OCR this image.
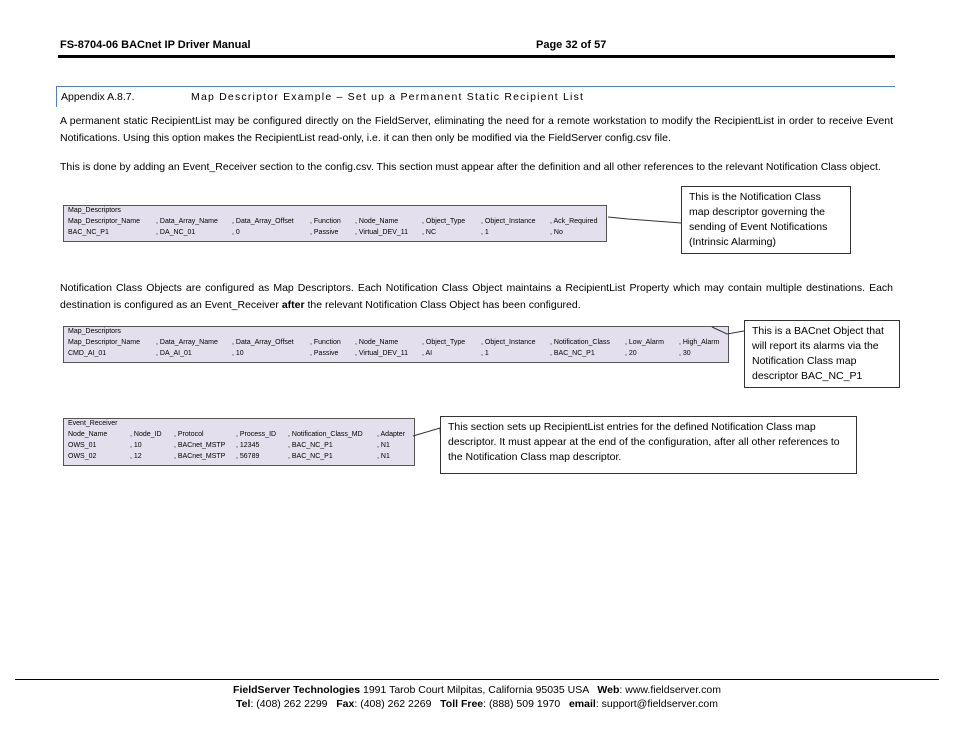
FS-8704-06 BACnet IP Driver Manual	Page 32 of 57
Appendix A.8.7.	Map Descriptor Example – Set up a Permanent Static Recipient List
A permanent static RecipientList may be configured directly on the FieldServer, eliminating the need for a remote workstation to modify the RecipientList in order to receive Event Notifications. Using this option makes the RecipientList read-only, i.e. it can then only be modified via the FieldServer config.csv file.
This is done by adding an Event_Receiver section to the config.csv. This section must appear after the definition and all other references to the relevant Notification Class object.
Notification Class Objects are configured as Map Descriptors. Each Notification Class Object maintains a RecipientList Property which may contain multiple destinations. Each destination is configured as an Event_Receiver after the relevant Notification Class Object has been configured.
Map_Descriptors
Map_Descriptor_Name , Data_Array_Name , Data_Array_Offset , Function , Node_Name	, Object_Type , Object_Instance , Ack_Required
BAC_NC_P1	, DA_NC_01	, 0	, Passive , Virtual_DEV_11 , NC	, 1	, No
Map_Descriptors
Map_Descriptor_Name , Data_Array_Name , Data_Array_Offset , Function , Node_Name	, Object_Type , Object_Instance , Notification_Class , Low_Alarm , High_Alarm
CMD_AI_01	, DA_AI_01	, 10	, Passive , Virtual_DEV_11 , AI	, 1	, BAC_NC_P1	, 20	, 30
Event_Receiver
Node_Name	, Node_ID , Protocol	, Process_ID , Notification_Class_MD , Adapter
OWS_01	, 10	, BACnet_MSTP , 12345	, BAC_NC_P1	, N1
OWS_02	, 12	, BACnet_MSTP , 56789	, BAC_NC_P1	, N1
This is the Notification Class map descriptor governing the sending of Event Notifications (Intrinsic Alarming)
This is a BACnet Object that will report its alarms via the Notification Class map descriptor BAC_NC_P1
This section sets up RecipientList entries for the defined Notification Class map descriptor. It must appear at the end of the configuration, after all other references to the Notification Class map descriptor.
FieldServer Technologies 1991 Tarob Court Milpitas, California 95035 USA   Web: www.fieldserver.com
Tel: (408) 262 2299   Fax: (408) 262 2269   Toll Free: (888) 509 1970   email: support@fieldserver.com
